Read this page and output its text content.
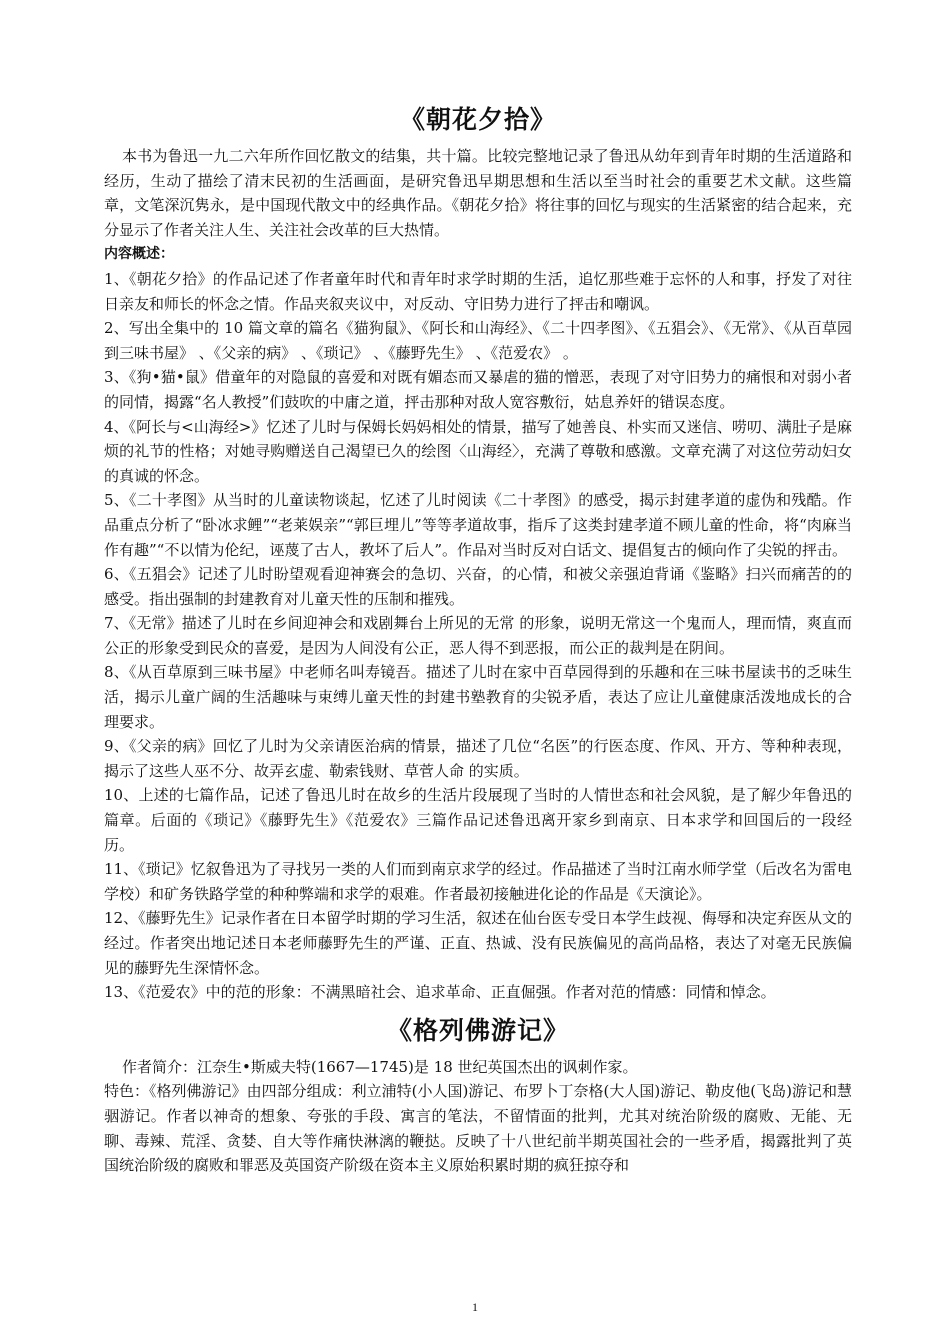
《朝花夕拾》

本书为鲁迅一九二六年所作回忆散文的结集，共十篇。比较完整地记录了鲁迅从幼年到青年时期的生活道路和经历，生动了描绘了清末民初的生活画面，是研究鲁迅早期思想和生活以至当时社会的重要艺术文献。这些篇章，文笔深沉隽永，是中国现代散文中的经典作品。《朝花夕拾》将往事的回忆与现实的生活紧密的结合起来，充分显示了作者关注人生、关注社会改革的巨大热情。

内容概述：

1、《朝花夕拾》的作品记述了作者童年时代和青年时求学时期的生活，追忆那些难于忘怀的人和事，抒发了对往日亲友和师长的怀念之情。作品夹叙夹议中，对反动、守旧势力进行了抨击和嘲讽。

2、写出全集中的 10 篇文章的篇名《猫狗鼠》、《阿长和山海经》、《二十四孝图》、《五猖会》、《无常》、《从百草园到三味书屋》 、《父亲的病》 、《琐记》 、《藤野先生》 、《范爱农》 。

3、《狗•猫•鼠》借童年的对隐鼠的喜爱和对既有媚态而又暴虐的猫的憎恶，表现了对守旧势力的痛恨和对弱小者的同情，揭露“名人教授”们鼓吹的中庸之道，抨击那种对敌人宽容敷衍，姑息养奸的错误态度。

4、《阿长与<山海经>》忆述了儿时与保姆长妈妈相处的情景，描写了她善良、朴实而又迷信、唠叨、满肚子是麻烦的礼节的性格；对她寻购赠送自己渴望已久的绘图〈山海经〉，充满了尊敬和感激。文章充满了对这位劳动妇女的真诚的怀念。

5、《二十孝图》从当时的儿童读物谈起，忆述了儿时阅读《二十孝图》的感受，揭示封建孝道的虚伪和残酷。作品重点分析了“卧冰求鲤”“老莱娱亲”“郭巨埋儿”等等孝道故事，指斥了这类封建孝道不顾儿童的性命，将“肉麻当作有趣”“不以情为伦纪，诬蔑了古人，教坏了后人”。作品对当时反对白话文、提倡复古的倾向作了尖锐的抨击。

6、《五猖会》记述了儿时盼望观看迎神赛会的急切、兴奋，的心情，和被父亲强迫背诵《鉴略》扫兴而痛苦的的感受。指出强制的封建教育对儿童天性的压制和摧残。

7、《无常》描述了儿时在乡间迎神会和戏剧舞台上所见的无常 的形象，说明无常这一个鬼而人，理而情，爽直而公正的形象受到民众的喜爱，是因为人间没有公正，恶人得不到恶报，而公正的裁判是在阴间。

8、《从百草原到三味书屋》中老师名叫寿镜吾。描述了儿时在家中百草园得到的乐趣和在三味书屋读书的乏味生活，揭示儿童广阔的生活趣味与束缚儿童天性的封建书塾教育的尖锐矛盾，表达了应让儿童健康活泼地成长的合理要求。

9、《父亲的病》回忆了儿时为父亲请医治病的情景，描述了几位“名医”的行医态度、作风、开方、等种种表现，揭示了这些人巫不分、故弄玄虚、勒索钱财、草菅人命 的实质。

10、上述的七篇作品，记述了鲁迅儿时在故乡的生活片段展现了当时的人情世态和社会风貌，是了解少年鲁迅的篇章。后面的《琐记》《藤野先生》《范爱农》三篇作品记述鲁迅离开家乡到南京、日本求学和回国后的一段经历。

11、《琐记》忆叙鲁迅为了寻找另一类的人们而到南京求学的经过。作品描述了当时江南水师学堂（后改名为雷电学校）和矿务铁路学堂的种种弊端和求学的艰难。作者最初接触进化论的作品是《天演论》。

12、《藤野先生》记录作者在日本留学时期的学习生活，叙述在仙台医专受日本学生歧视、侮辱和决定弃医从文的经过。作者突出地记述日本老师藤野先生的严谨、正直、热诚、没有民族偏见的高尚品格，表达了对毫无民族偏见的藤野先生深情怀念。

13、《范爱农》中的范的形象：不满黑暗社会、追求革命、正直倔强。作者对范的情感：同情和悼念。

《格列佛游记》

作者简介：江奈生•斯威夫特(1667—1745)是 18 世纪英国杰出的讽刺作家。

特色：《格列佛游记》由四部分组成：利立浦特(小人国)游记、布罗卜丁奈格(大人国)游记、勒皮他(飞岛)游记和慧骃游记。作者以神奇的想象、夸张的手段、寓言的笔法，不留情面的批判，尤其对统治阶级的腐败、无能、无聊、毒辣、荒淫、贪婪、自大等作痛快淋漓的鞭挞。反映了十八世纪前半期英国社会的一些矛盾，揭露批判了英国统治阶级的腐败和罪恶及英国资产阶级在资本主义原始积累时期的疯狂掠夺和

1
